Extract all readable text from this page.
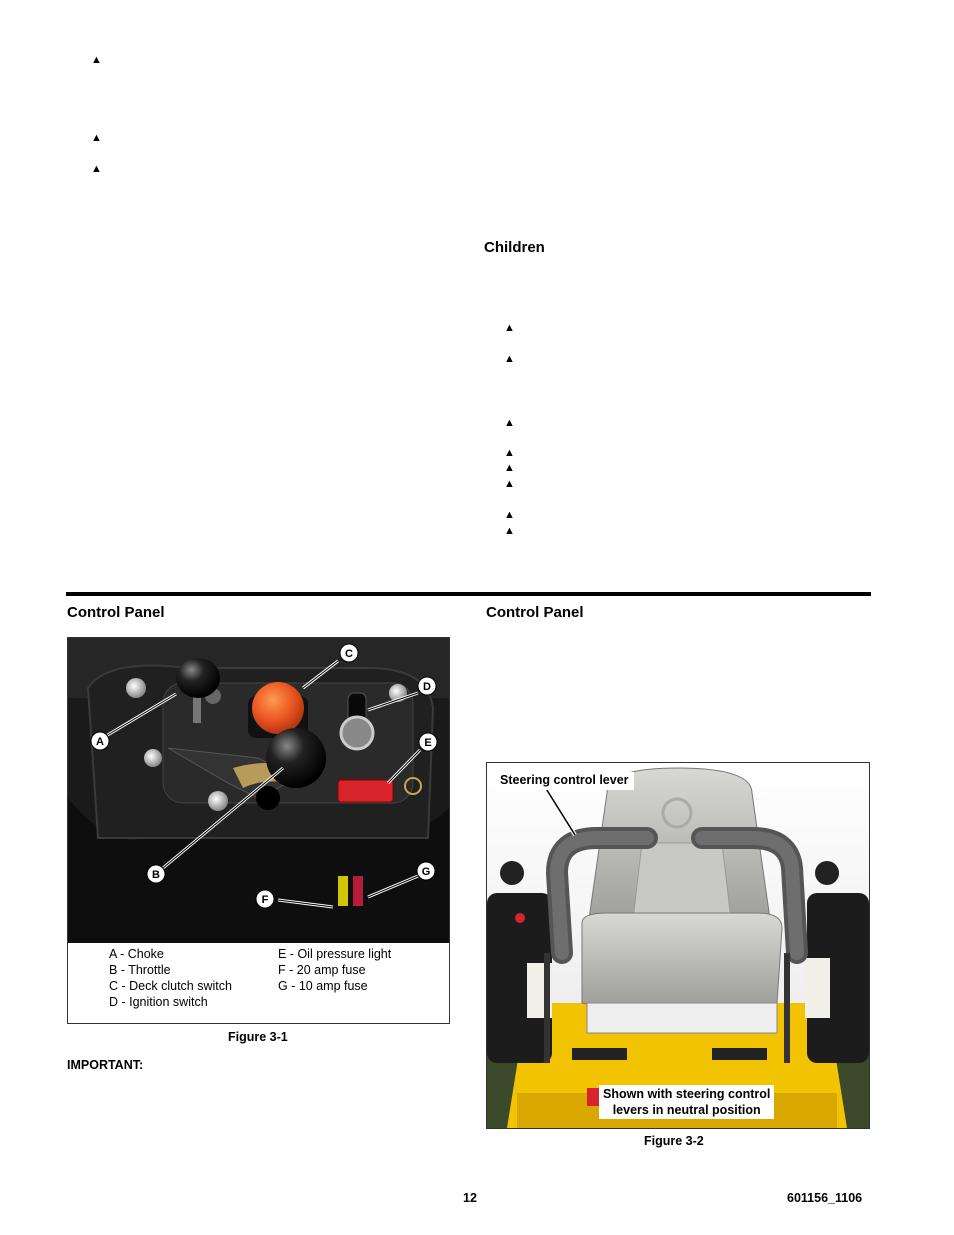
▲
▲
▲
Children
▲
▲
▲
▲
▲
▲
▲
▲
Control Panel	Control Panel
A
B
C
D
E
F
G
A - Choke
B - Throttle
C - Deck clutch switch
D - Ignition switch
E - Oil pressure light
F - 20 amp fuse
G - 10 amp fuse
Figure 3-1
IMPORTANT:
Steering control lever
Shown with steering control
levers in neutral position
Figure 3-2
12	601156_1106
